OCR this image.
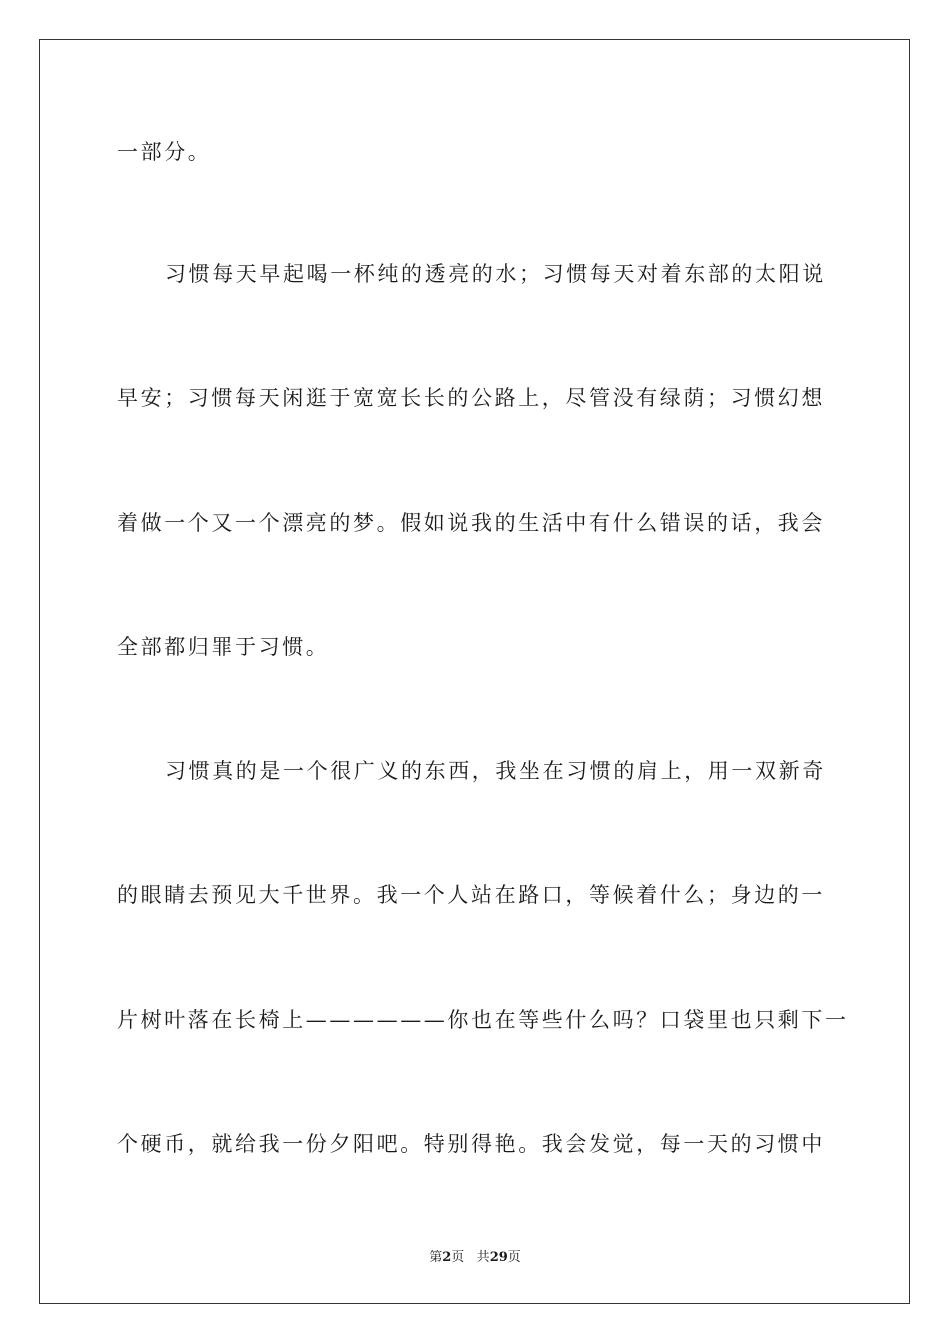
一部分。
习惯每天早起喝一杯纯的透亮的水；习惯每天对着东部的太阳说
早安；习惯每天闲逛于宽宽长长的公路上，尽管没有绿荫；习惯幻想
着做一个又一个漂亮的梦。假如说我的生活中有什么错误的话，我会
全部都归罪于习惯。
习惯真的是一个很广义的东西，我坐在习惯的肩上，用一双新奇
的眼睛去预见大千世界。我一个人站在路口，等候着什么；身边的一
片树叶落在长椅上——————你也在等些什么吗？口袋里也只剩下一
个硬币，就给我一份夕阳吧。特别得艳。我会发觉，每一天的习惯中
第2页 共29页
